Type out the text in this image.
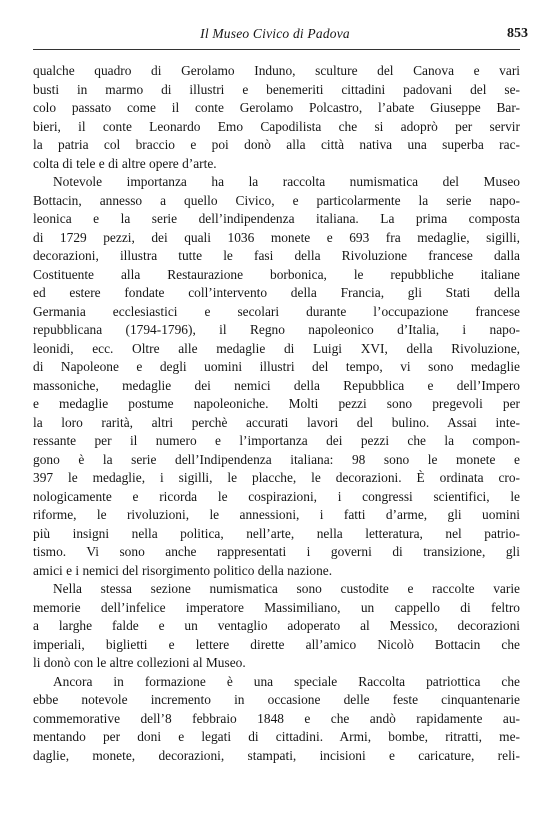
Il Museo Civico di Padova	853
qualche quadro di Gerolamo Induno, sculture del Canova e vari
busti in marmo di illustri e benemeriti cittadini padovani del se-
colo passato come il conte Gerolamo Polcastro, l’abate Giuseppe Bar-
bieri, il conte Leonardo Emo Capodilista che si adoprò per servir
la patria col braccio e poi donò alla città nativa una superba rac-
colta di tele e di altre opere d’arte.
Notevole importanza ha la raccolta numismatica del Museo
Bottacin, annesso a quello Civico, e particolarmente la serie napo-
leonica e la serie dell’indipendenza italiana. La prima composta
di 1729 pezzi, dei quali 1036 monete e 693 fra medaglie, sigilli,
decorazioni, illustra tutte le fasi della Rivoluzione francese dalla
Costituente alla Restaurazione borbonica, le repubbliche italiane
ed estere fondate coll’intervento della Francia, gli Stati della
Germania ecclesiastici e secolari durante l’occupazione francese
repubblicana (1794-1796), il Regno napoleonico d’Italia, i napo-
leonidi, ecc. Oltre alle medaglie di Luigi XVI, della Rivoluzione,
di Napoleone e degli uomini illustri del tempo, vi sono medaglie
massoniche, medaglie dei nemici della Repubblica e dell’Impero
e medaglie postume napoleoniche. Molti pezzi sono pregevoli per
la loro rarità, altri perchè accurati lavori del bulino. Assai inte-
ressante per il numero e l’importanza dei pezzi che la compon-
gono è la serie dell’Indipendenza italiana: 98 sono le monete e
397 le medaglie, i sigilli, le placche, le decorazioni. È ordinata cro-
nologicamente e ricorda le cospirazioni, i congressi scientifici, le
riforme, le rivoluzioni, le annessioni, i fatti d’arme, gli uomini
più insigni nella politica, nell’arte, nella letteratura, nel patrio-
tismo. Vi sono anche rappresentati i governi di transizione, gli
amici e i nemici del risorgimento politico della nazione.
Nella stessa sezione numismatica sono custodite e raccolte varie
memorie dell’infelice imperatore Massimiliano, un cappello di feltro
a larghe falde e un ventaglio adoperato al Messico, decorazioni
imperiali, biglietti e lettere dirette all’amico Nicolò Bottacin che
li donò con le altre collezioni al Museo.
Ancora in formazione è una speciale Raccolta patriottica che
ebbe notevole incremento in occasione delle feste cinquantenarie
commemorative dell’8 febbraio 1848 e che andò rapidamente au-
mentando per doni e legati di cittadini. Armi, bombe, ritratti, me-
daglie, monete, decorazioni, stampati, incisioni e caricature, reli-
